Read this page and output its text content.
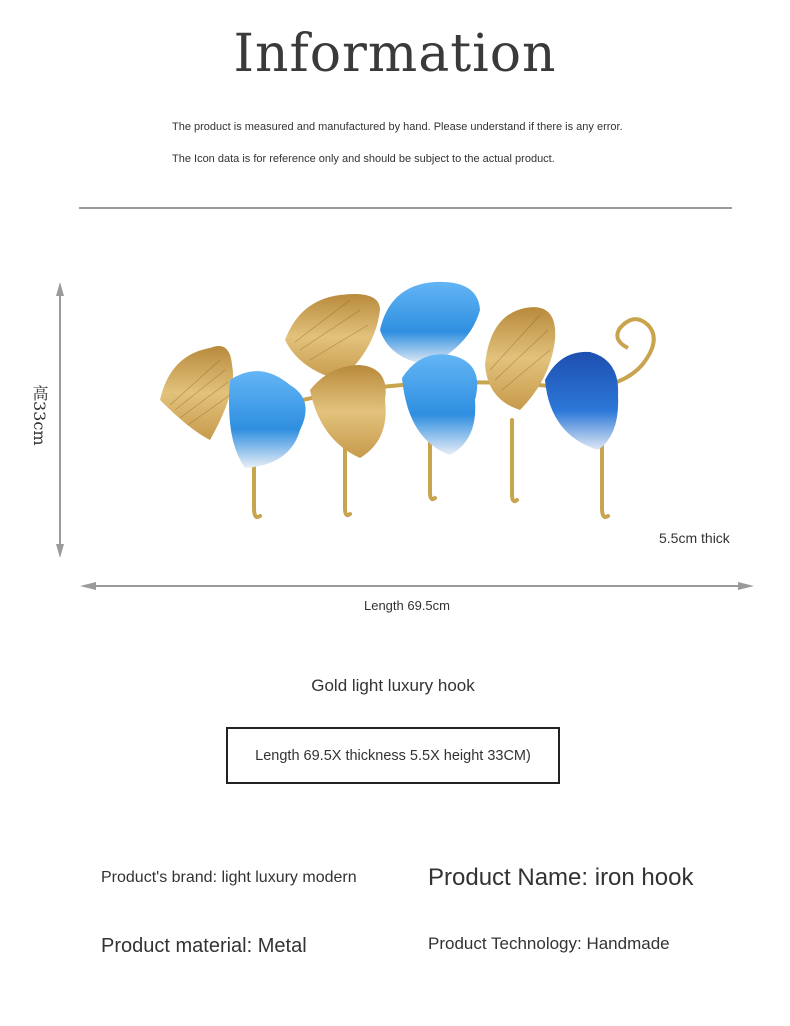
Information
The product is measured and manufactured by hand. Please understand if there is any error.
The Icon data is for reference only and should be subject to the actual product.
高33cm
5.5cm thick
Length 69.5cm
Gold light luxury hook
Length 69.5X thickness 5.5X height 33CM)
Product's brand: light luxury modern	Product Name: iron hook
Product material: Metal	Product Technology: Handmade
